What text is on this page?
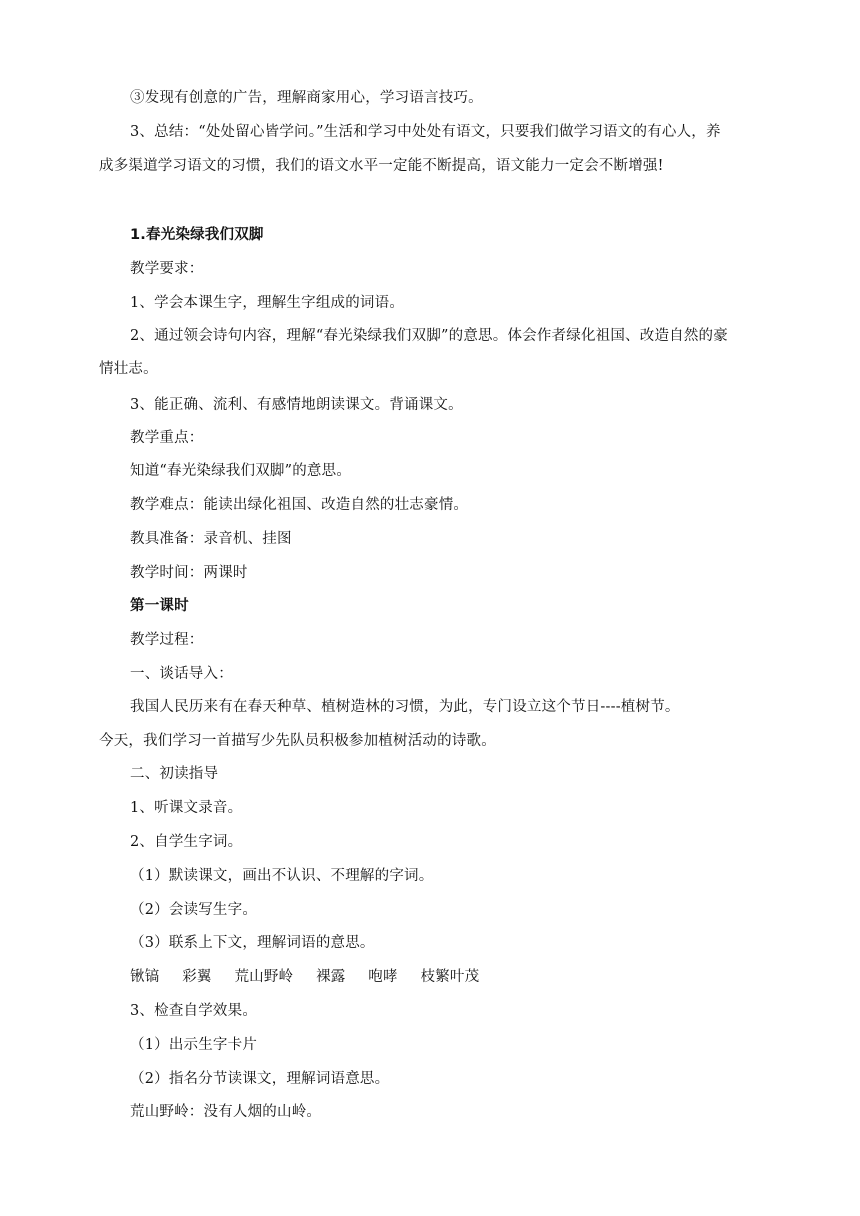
③发现有创意的广告，理解商家用心，学习语言技巧。
3、总结：“处处留心皆学问。”生活和学习中处处有语文，只要我们做学习语文的有心人，养
成多渠道学习语文的习惯，我们的语文水平一定能不断提高，语文能力一定会不断增强!
1.春光染绿我们双脚
教学要求：
1、学会本课生字，理解生字组成的词语。
2、通过领会诗句内容，理解“春光染绿我们双脚”的意思。体会作者绿化祖国、改造自然的豪
情壮志。
3、能正确、流利、有感情地朗读课文。背诵课文。
教学重点：
知道“春光染绿我们双脚”的意思。
教学难点：能读出绿化祖国、改造自然的壮志豪情。
教具准备：录音机、挂图
教学时间：两课时
第一课时
教学过程：
一、谈话导入：
我国人民历来有在春天种草、植树造林的习惯，为此，专门设立这个节日----植树节。
今天，我们学习一首描写少先队员积极参加植树活动的诗歌。
二、初读指导
1、听课文录音。
2、自学生字词。
（1）默读课文，画出不认识、不理解的字词。
（2）会读写生字。
（3）联系上下文，理解词语的意思。
锹镐 彩翼 荒山野岭 裸露 咆哮 枝繁叶茂
3、检查自学效果。
（1）出示生字卡片
（2）指名分节读课文，理解词语意思。
荒山野岭：没有人烟的山岭。
